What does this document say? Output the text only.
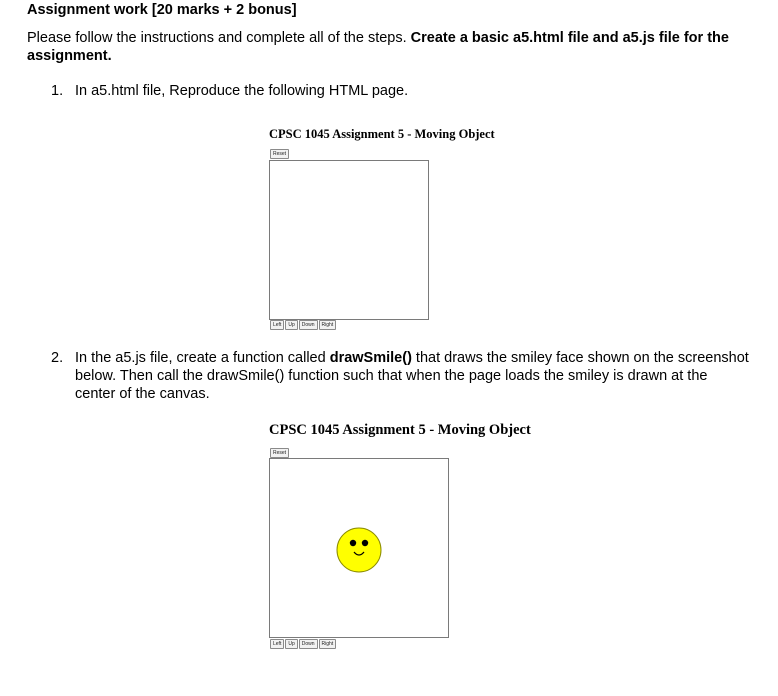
Assignment work [20 marks + 2 bonus]

Please follow the instructions and complete all of the steps. Create a basic a5.html file and a5.js file for the assignment.

1. In a5.html file, Reproduce the following HTML page.

CPSC 1045 Assignment 5 - Moving Object

Reset
Left	Up	Down	Right
2. In the a5.js file, create a function called drawSmile() that draws the smiley face shown on the screenshot below. Then call the drawSmile() function such that when the page loads the smiley is drawn at the center of the canvas.

CPSC 1045 Assignment 5 - Moving Object

Reset
Left	Up	Down	Right
